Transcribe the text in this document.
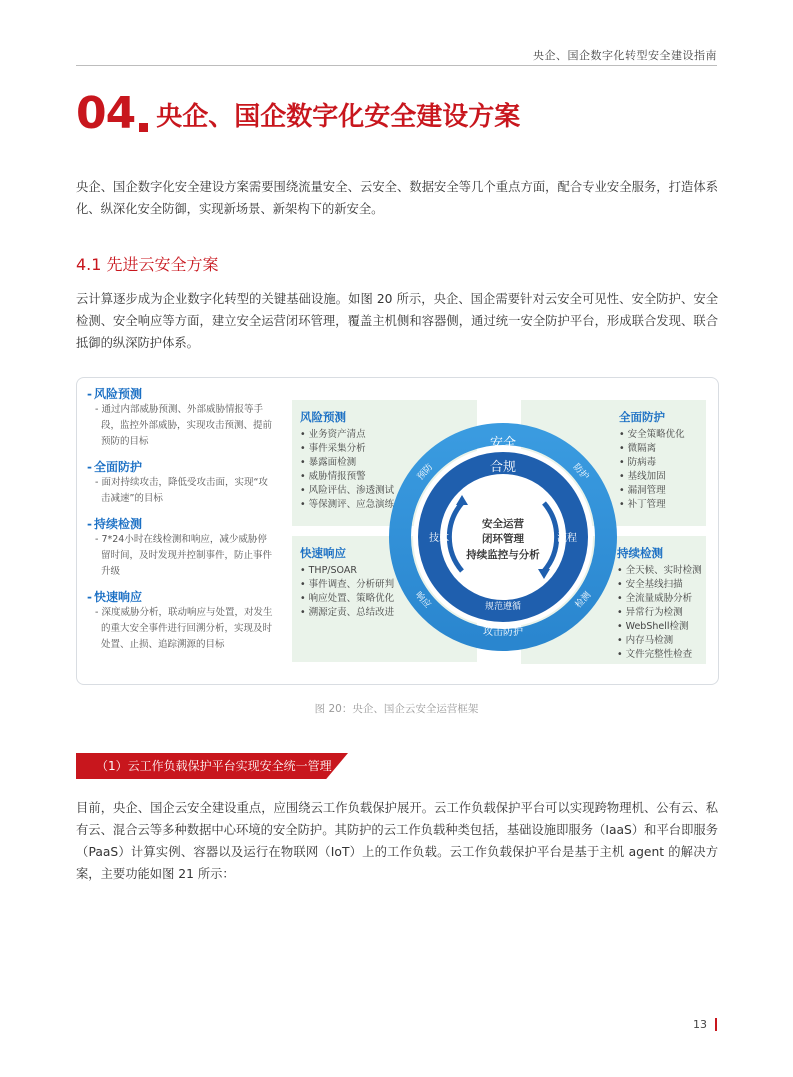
央企、国企数字化转型安全建设指南
04 央企、国企数字化安全建设方案
央企、国企数字化安全建设方案需要围绕流量安全、云安全、数据安全等几个重点方面，配合专业安全服务，打造体系化、纵深化安全防御，实现新场景、新架构下的新安全。
4.1 先进云安全方案
云计算逐步成为企业数字化转型的关键基础设施。如图 20 所示，央企、国企需要针对云安全可见性、安全防护、安全检测、安全响应等方面，建立安全运营闭环管理，覆盖主机侧和容器侧，通过统一安全防护平台，形成联合发现、联合抵御的纵深防护体系。
- 风险预测
- 通过内部威胁预测、外部威胁情报等手段，监控外部威胁，实现攻击预测、提前预防的目标
- 全面防护
- 面对持续攻击，降低受攻击面，实现“攻击减速”的目标
- 持续检测
- 7*24小时在线检测和响应，减少威胁停留时间，及时发现并控制事件，防止事件升级
- 快速响应
- 深度威胁分析，联动响应与处置，对发生的重大安全事件进行回溯分析，实现及时处置、止损、追踪溯源的目标
风险预测
• 业务资产清点
• 事件采集分析
• 暴露面检测
• 威胁情报预警
• 风险评估、渗透测试
• 等保测评、应急演练
全面防护
• 安全策略优化
• 微隔离
• 防病毒
• 基线加固
• 漏洞管理
• 补丁管理
快速响应
• THP/SOAR
• 事件调查、分析研判
• 响应处置、策略优化
• 溯源定责、总结改进
持续检测
• 全天候、实时检测
• 安全基线扫描
• 全流量威胁分析
• 异常行为检测
• WebShell检测
• 内存马检测
• 文件完整性检查
安全
攻击防护
预防	防护
响应	检测
合规
技术	流程
规范遵循
安全运营
闭环管理
持续监控与分析
图 20：央企、国企云安全运营框架
（1）云工作负载保护平台实现安全统一管理
目前，央企、国企云安全建设重点，应围绕云工作负载保护展开。云工作负载保护平台可以实现跨物理机、公有云、私有云、混合云等多种数据中心环境的安全防护。其防护的云工作负载种类包括，基础设施即服务（IaaS）和平台即服务（PaaS）计算实例、容器以及运行在物联网（IoT）上的工作负载。云工作负载保护平台是基于主机 agent 的解决方案，主要功能如图 21 所示：
13
